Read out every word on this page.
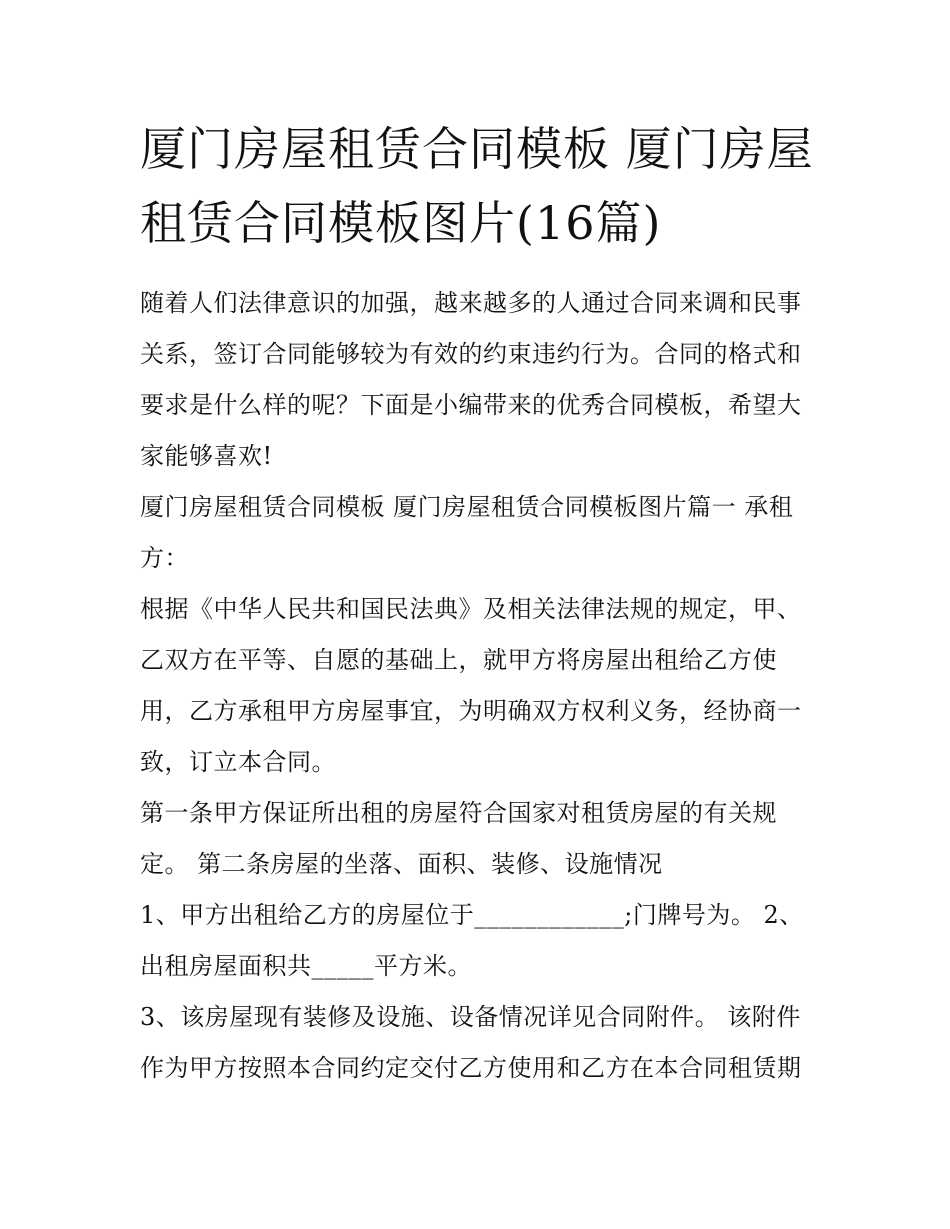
厦门房屋租赁合同模板 厦门房屋租赁合同模板图片(16篇)

随着人们法律意识的加强，越来越多的人通过合同来调和民事关系，签订合同能够较为有效的约束违约行为。合同的格式和要求是什么样的呢？下面是小编带来的优秀合同模板，希望大家能够喜欢!

厦门房屋租赁合同模板 厦门房屋租赁合同模板图片篇一 承租方：

根据《中华人民共和国民法典》及相关法律法规的规定，甲、乙双方在平等、自愿的基础上，就甲方将房屋出租给乙方使用，乙方承租甲方房屋事宜，为明确双方权利义务，经协商一致，订立本合同。

第一条甲方保证所出租的房屋符合国家对租赁房屋的有关规定。 第二条房屋的坐落、面积、装修、设施情况

1、甲方出租给乙方的房屋位于____________;门牌号为。 2、出租房屋面积共_____平方米。

3、该房屋现有装修及设施、设备情况详见合同附件。 该附件作为甲方按照本合同约定交付乙方使用和乙方在本合同租赁期
